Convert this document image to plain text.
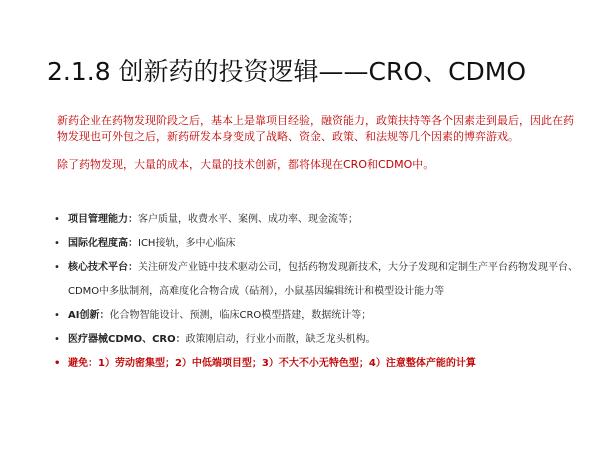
2.1.8 创新药的投资逻辑——CRO、CDMO

新药企业在药物发现阶段之后，基本上是靠项目经验，融资能力，政策扶持等各个因素走到最后，因此在药物发现也可外包之后，新药研发本身变成了战略、资金、政策、和法规等几个因素的博弈游戏。

除了药物发现，大量的成本，大量的技术创新，都将体现在CRO和CDMO中。

• 项目管理能力：客户质量，收费水平、案例、成功率、现金流等；
• 国际化程度高：ICH接轨，多中心临床
• 核心技术平台：关注研发产业链中技术驱动公司，包括药物发现新技术，大分子发现和定制生产平台药物发现平台、CDMO中多肽制剂，高难度化合物合成（砧剂），小鼠基因编辑统计和模型设计能力等
• AI创新：化合物智能设计、预测，临床CRO模型搭建，数据统计等；
• 医疗器械CDMO、CRO：政策刚启动，行业小而散，缺乏龙头机构。
• 避免：1）劳动密集型；2）中低端项目型；3）不大不小无特色型；4）注意整体产能的计算
